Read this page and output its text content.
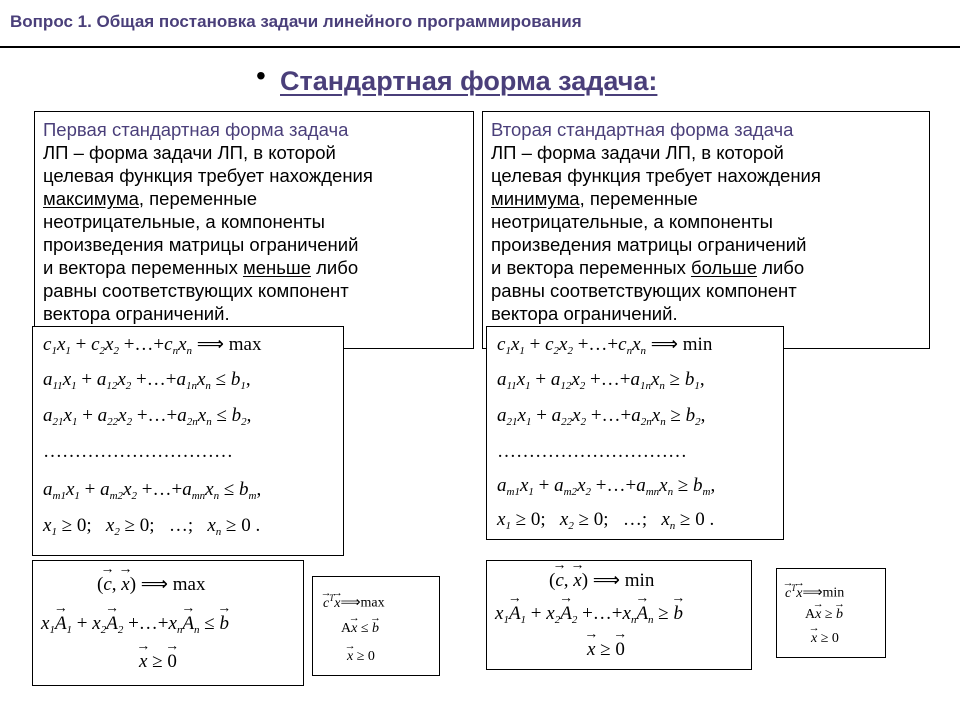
Вопрос 1. Общая постановка задачи линейного программирования
• Стандартная форма задача:
Первая стандартная форма задача
ЛП – форма задачи ЛП, в которой
целевая функция требует нахождения
максимума, переменные
неотрицательные, а компоненты
произведения матрицы ограничений
и вектора переменных меньше либо
равны соответствующих компонент
вектора ограничений.
Вторая стандартная форма задача
ЛП – форма задачи ЛП, в которой
целевая функция требует нахождения
минимума, переменные
неотрицательные, а компоненты
произведения матрицы ограничений
и вектора переменных больше либо
равны соответствующих компонент
вектора ограничений.
$c_1x_1 + c_2x_2$ $+\dots+c_nx_n$ ⟹ max
$a_{11}x_1 + a_{12}x_2$ $+\dots+a_{1n}x_n \le b_1$,
$a_{21}x_1 + a_{22}x_2$ $+\dots+a_{2n}x_n \le b_2$,
…………………………
$a_{m1}x_1 + a_{m2}x_2$ $+\dots+a_{mn}x_n \le b_m$,
$x_1 \ge 0$;   $x_2 \ge 0$; …;   $x_n \ge 0$ .
$c_1x_1 + c_2x_2$ $+\dots+c_nx_n$ ⟹ min
$a_{11}x_1 + a_{12}x_2$ $+\dots+a_{1n}x_n \ge b_1$,
$a_{21}x_1 + a_{22}x_2$ $+\dots+a_{2n}x_n \ge b_2$,
…………………………
$a_{m1}x_1 + a_{m2}x_2$ $+\dots+a_{mn}x_n \ge b_m$,
$x_1 \ge 0$;   $x_2 \ge 0$; …;   $x_n \ge 0$ .
(→ c, → x) ⟹ max
$x_1\to A_1 + x_2\to A_2$ $+\dots+x_n\to A_n$ ≤ → b
→ x ≥ → 0
→ $c^T\to$ x⟹max
A→ x ≤ → b
→ x ≥ 0
(→ c, → x) ⟹ min
$x_1\to A_1 + x_2\to A_2$ $+\dots+x_n\to A_n$ ≥ → b
→ x ≥ → 0
→ $c^T\to$ x⟹min
A→ x ≥ → b
→ x ≥ 0
